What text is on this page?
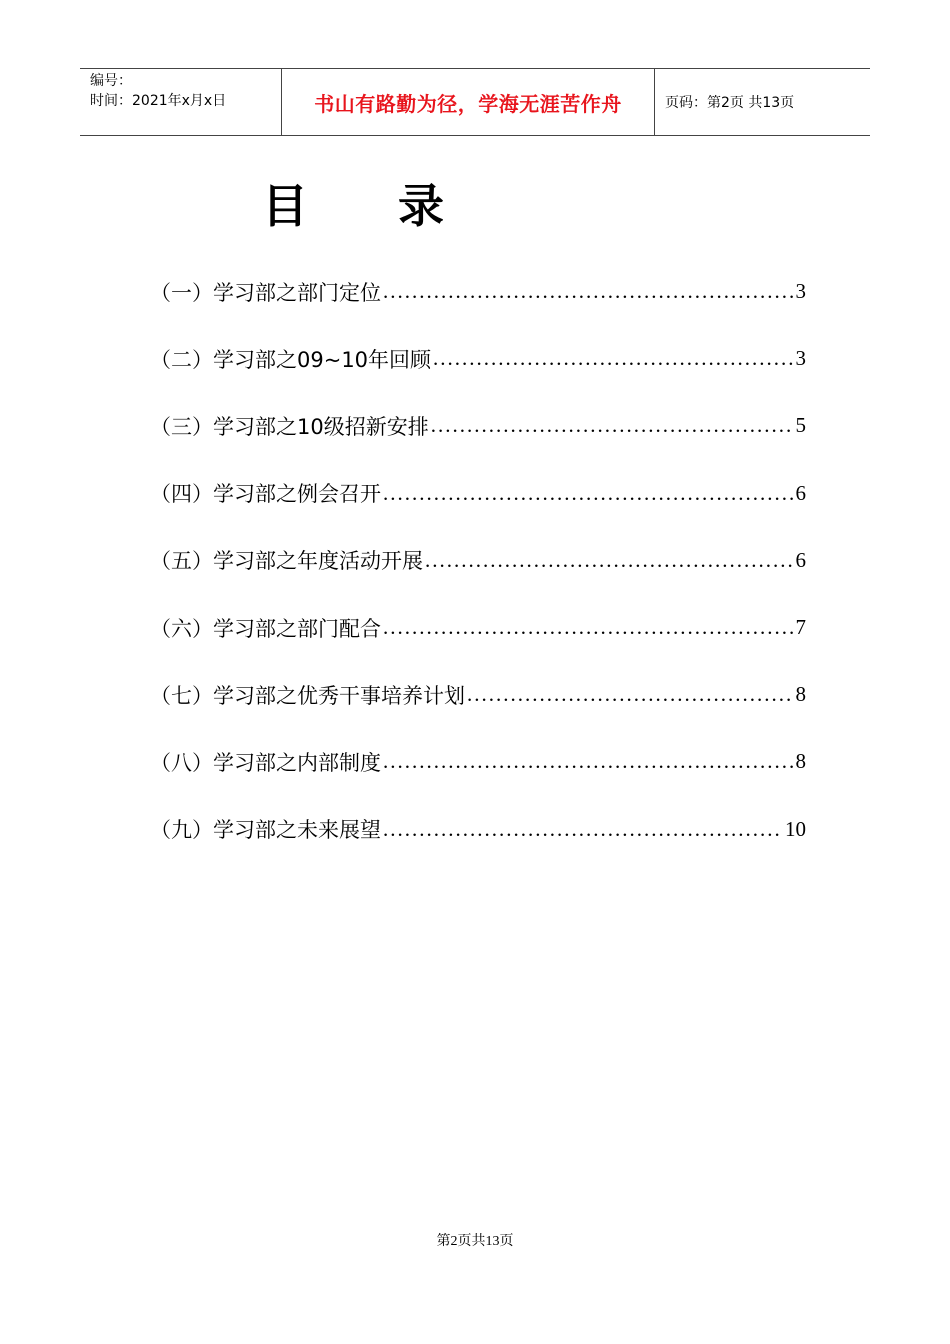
编号：
时间：2021年x月x日	书山有路勤为径，学海无涯苦作舟	页码：第2页 共13页
目录
（一）学习部之部门定位 .....	3
（二）学习部之09~10年回顾 .....	3
（三）学习部之10级招新安排 .....	5
（四）学习部之例会召开 .....	6
（五）学习部之年度活动开展 .....	6
（六）学习部之部门配合 .....	7
（七）学习部之优秀干事培养计划 .....	8
（八）学习部之内部制度 .....	8
（九）学习部之未来展望 .....	10
第2页共13页
